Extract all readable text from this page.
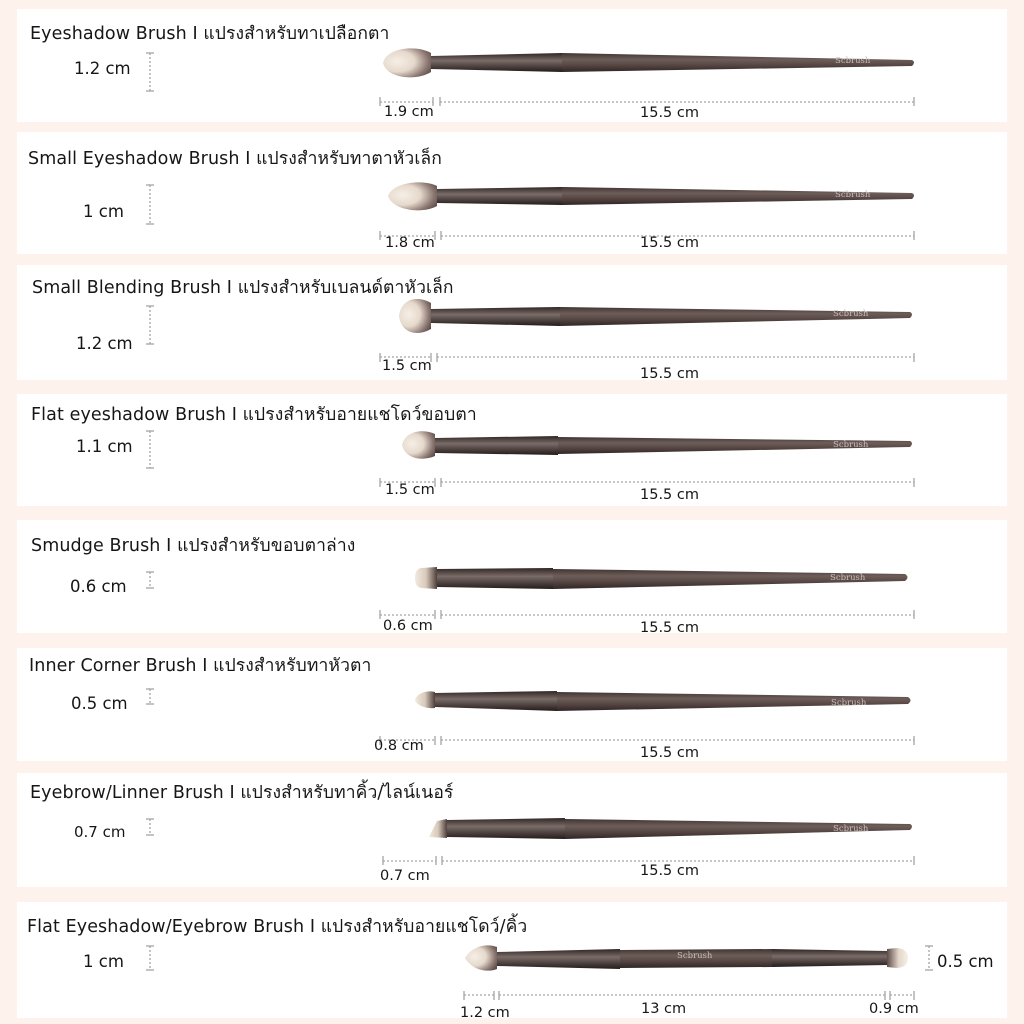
Eyeshadow Brush I แปรงสำหรับทาเปลือกตา
1.2 cm	Scbrush
1.9 cm	15.5 cm
Small Eyeshadow Brush I แปรงสำหรับทาตาหัวเล็ก
1 cm
Scbrush
1.8 cm	15.5 cm
Small Blending Brush I แปรงสำหรับเบลนด์ตาหัวเล็ก
1.2 cm
Scbrush
1.5 cm	15.5 cm
Flat eyeshadow Brush I แปรงสำหรับอายแชโดว์ขอบตา
1.1 cm	Scbrush
1.5 cm	15.5 cm
Smudge Brush I แปรงสำหรับขอบตาล่าง
0.6 cm	Scbrush
0.6 cm	15.5 cm
Inner Corner Brush I แปรงสำหรับทาหัวตา
0.5 cm	Scbrush
0.8 cm	15.5 cm
Eyebrow/Linner Brush I แปรงสำหรับทาคิ้ว/ไลน์เนอร์
0.7 cm	Scbrush
0.7 cm	15.5 cm
Flat Eyeshadow/Eyebrow Brush I แปรงสำหรับอายแชโดว์/คิ้ว
1 cm	0.5 cm
Scbrush
1.2 cm	13 cm	0.9 cm
